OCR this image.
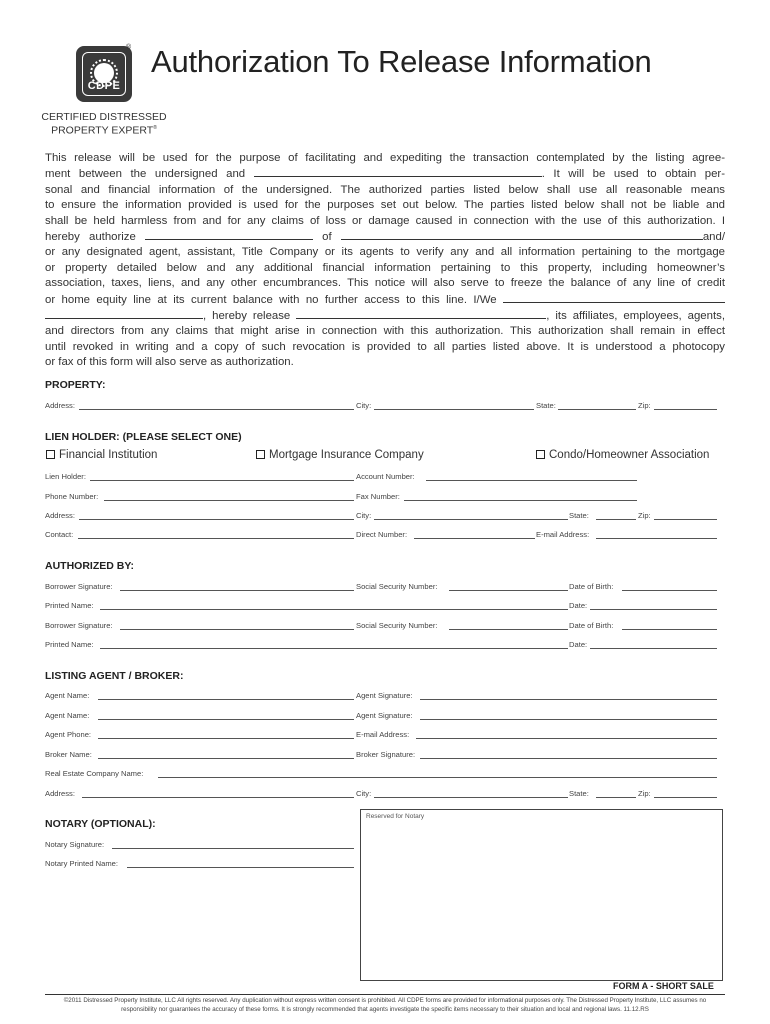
CDPE
®
CERTIFIED DISTRESSED
PROPERTY EXPERT®
Authorization To Release Information
This release will be used for the purpose of facilitating and expediting the transaction contemplated by the listing agree-
ment between the undersigned and	. It will be used to obtain per-
sonal and financial information of the undersigned. The authorized parties listed below shall use all reasonable means
to ensure the information provided is used for the purposes set out below. The parties listed below shall not be liable and
shall be held harmless from and for any claims of loss or damage caused in connection with the use of this authorization. I
hereby authorize	of	and/
or any designated agent, assistant, Title Company or its agents to verify any and all information pertaining to the mortgage
or property detailed below and any additional financial information pertaining to this property, including homeowner’s
association, taxes, liens, and any other encumbrances. This notice will also serve to freeze the balance of any line of credit
or home equity line at its current balance with no further access to this line. I/We
, hereby release	, its affiliates, employees, agents,
and directors from any claims that might arise in connection with this authorization. This authorization shall remain in effect
until revoked in writing and a copy of such revocation is provided to all parties listed above. It is understood a photocopy
or fax of this form will also serve as authorization.
PROPERTY:
Address:	City:	State:	Zip:
LIEN HOLDER: (PLEASE SELECT ONE)
Financial Institution	Mortgage Insurance Company	Condo/Homeowner Association
Lien Holder:	Account Number:
Phone Number:	Fax Number:
Address:	City:	State:	Zip:
Contact:	Direct Number:	E-mail Address:
AUTHORIZED BY:
Borrower Signature:	Social Security Number:	Date of Birth:
Printed Name:	Date:
Borrower Signature:	Social Security Number:	Date of Birth:
Printed Name:	Date:
LISTING AGENT / BROKER:
Agent Name:	Agent Signature:
Agent Name:	Agent Signature:
Agent Phone:	E-mail Address:
Broker Name:	Broker Signature:
Real Estate Company Name:
Address:	City:	State:	Zip:
NOTARY (OPTIONAL):
Notary Signature:
Notary Printed Name:
Reserved for Notary
FORM A - SHORT SALE
©2011 Distressed Property Institute, LLC All rights reserved. Any duplication without express written consent is prohibited. All CDPE forms are provided for informational purposes only. The Distressed Property Institute, LLC assumes no
responsibility nor guarantees the accuracy of these forms. It is strongly recommended that agents investigate the specific items necessary to their situation and local and regional laws. 11.12.RS
